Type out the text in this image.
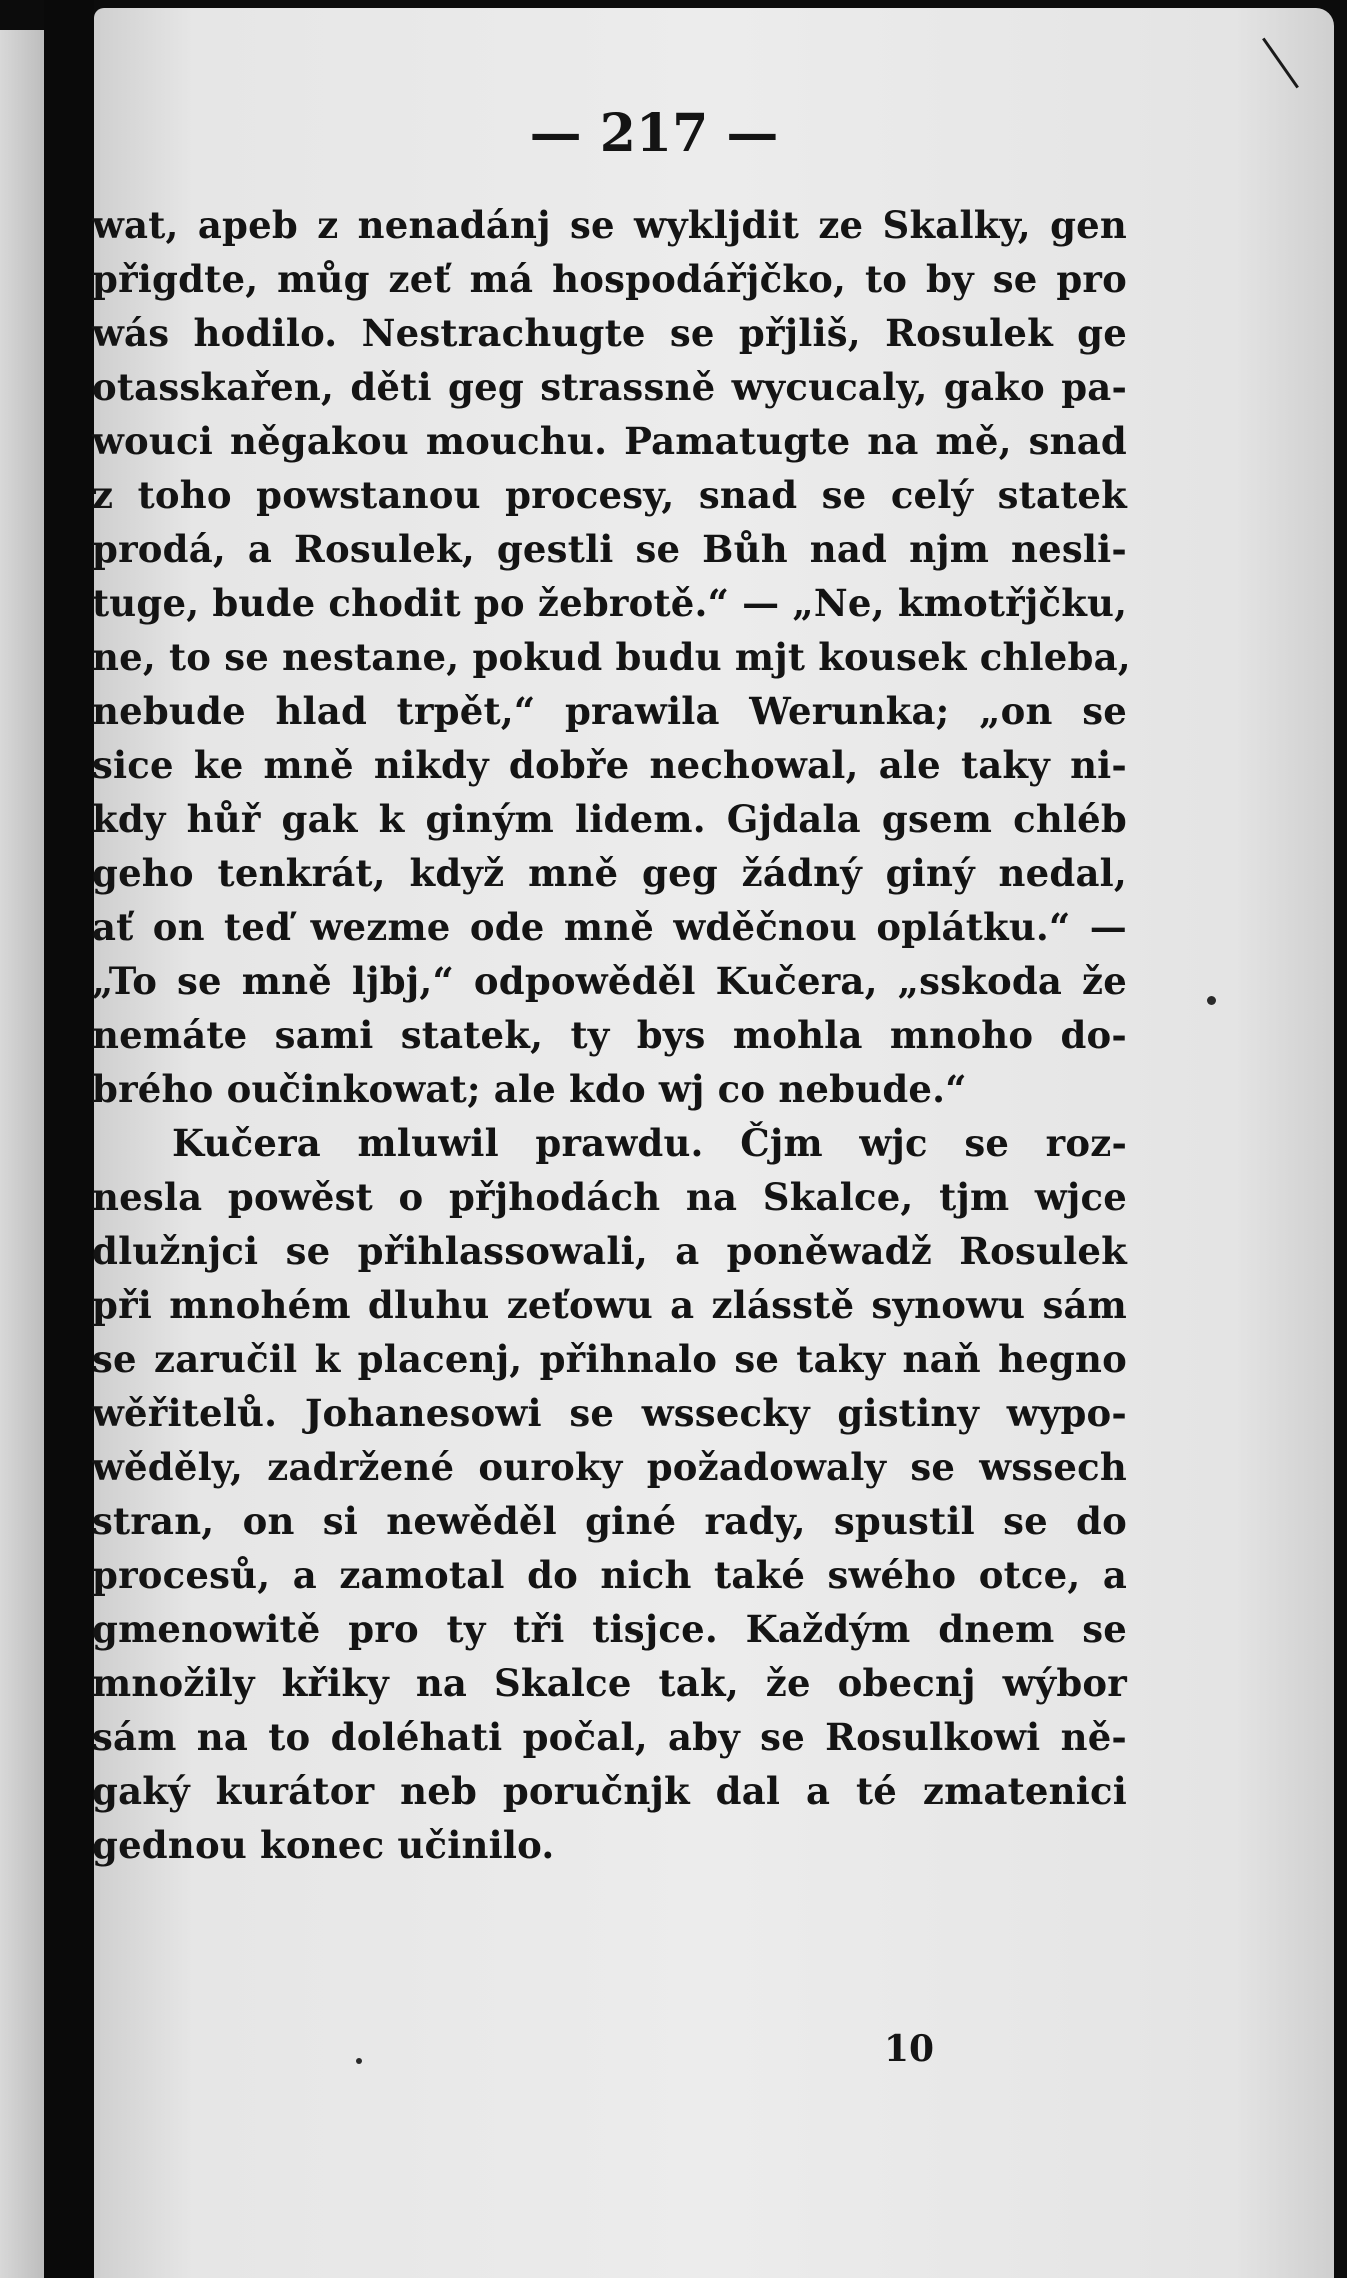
— 217 —
wat, apeb z nenadánj se wyklјdit ze Skalky, gen
přigdte, můg zeť má hospodářjčko, to by se pro
wás hodilo. Nestrachugte se přjliš, Rosulek ge
otasskařen, děti geg strassně wycucaly, gako pa-
wouci něgakou mouchu. Pamatugte na mě, snad
z toho powstanou procesy, snad se celý statek
prodá, a Rosulek, gestli se Bůh nad njm nesli-
tuge, bude chodit po žebrotě.“ — „Ne, kmotřjčku,
ne, to se nestane, pokud budu mjt kousek chleba,
nebude hlad trpět,“ prawila Werunka; „on se
sice ke mně nikdy dobře nechowal, ale taky ni-
kdy hůř gak k giným lidem. Gjdala gsem chléb
geho tenkrát, když mně geg žádný giný nedal,
ať on teď wezme ode mně wděčnou oplátku.“ —
„To se mně ljbj,“ odpowěděl Kučera, „sskoda že
nemáte sami statek, ty bys mohla mnoho do-
brého oučinkowat; ale kdo wj co nebude.“
Kučera mluwil prawdu. Čjm wjc se roz-
nesla powěst o přjhodách na Skalce, tjm wjce
dlužnjci se přihlassowali, a poněwadž Rosulek
při mnohém dluhu zeťowu a zlásstě synowu sám
se zaručil k placenj, přihnalo se taky naň hegno
wěřitelů. Johanesowi se wssecky gistiny wypo-
wěděly, zadržené ouroky požadowaly se wssech
stran, on si newěděl giné rady, spustil se do
procesů, a zamotal do nich také swého otce, a
gmenowitě pro ty tři tisjce. Každým dnem se
množily křiky na Skalce tak, že obecnj wýbor
sám na to doléhati počal, aby se Rosulkowi ně-
gaký kurátor neb poručnjk dal a té zmatenici
gednou konec učinilo.
10
